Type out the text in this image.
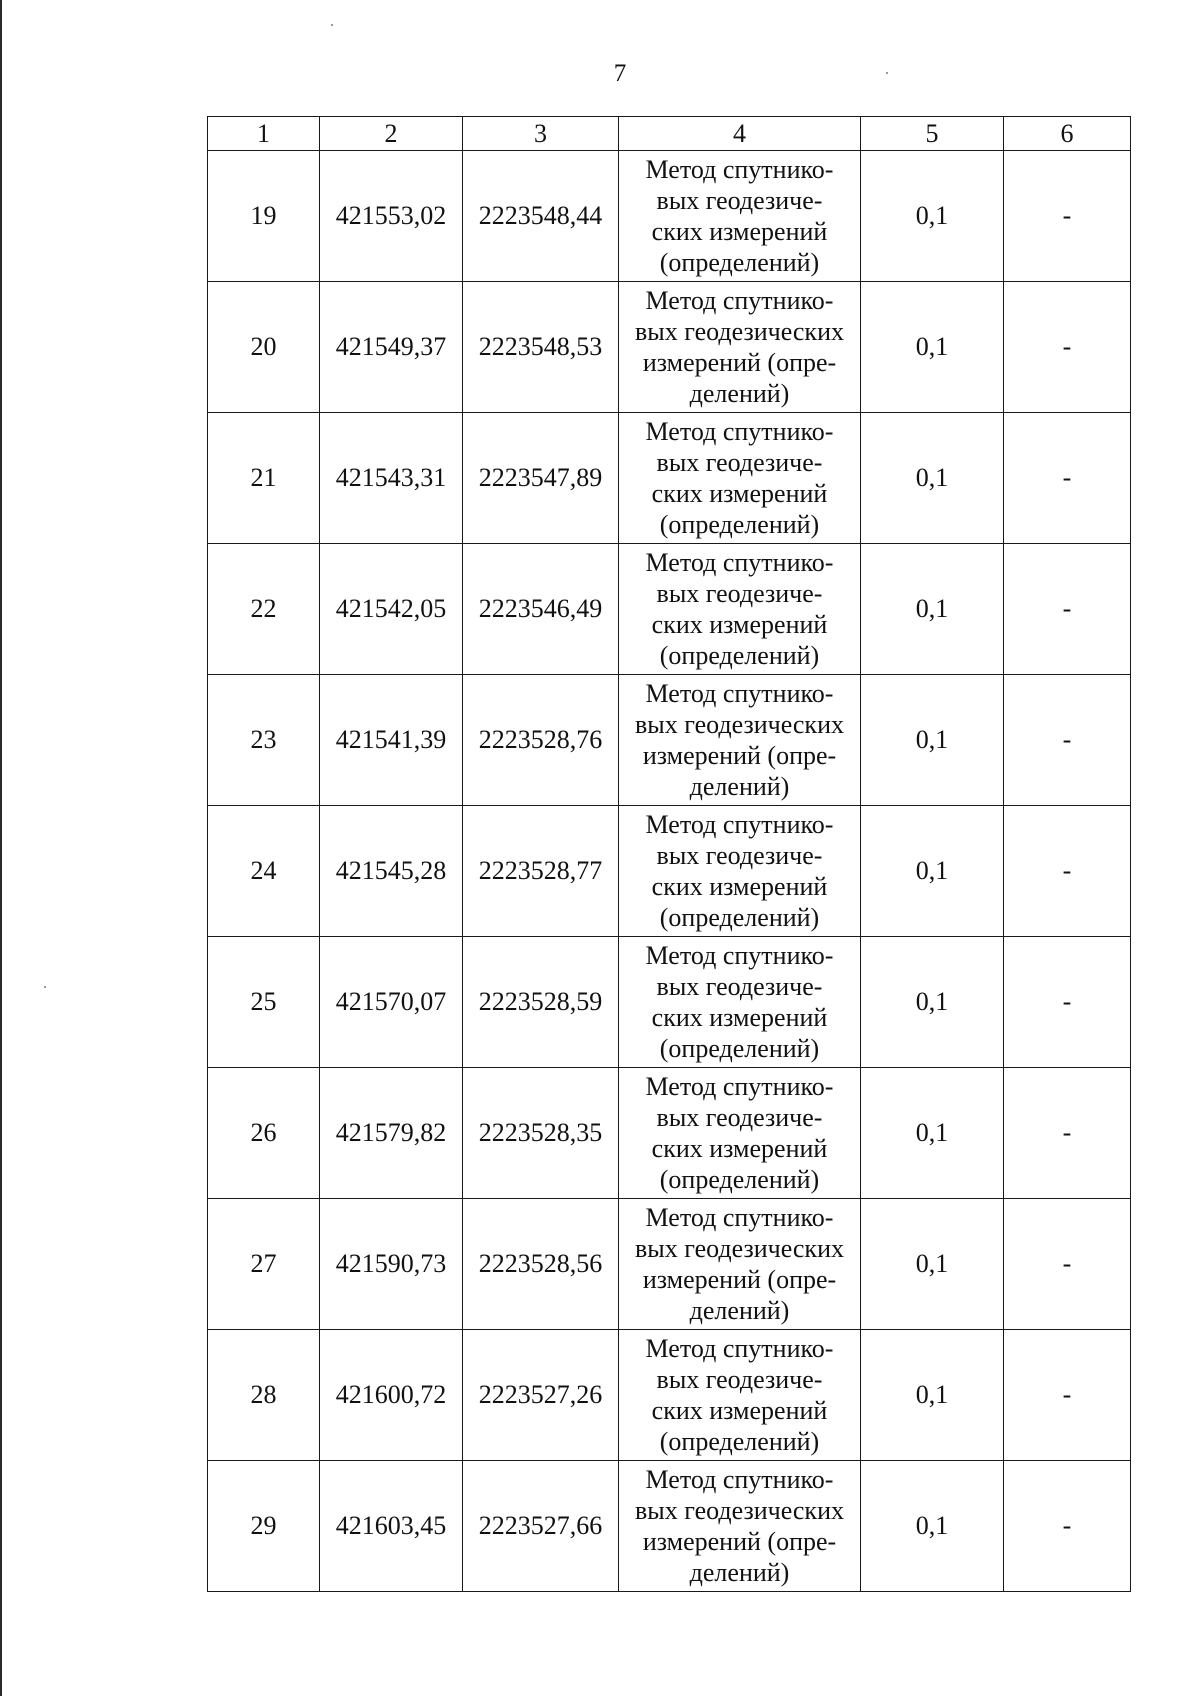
7
1	2	3	4	5	6
19	421553,02	2223548,44	Метод спутнико-
вых геодезиче-
ских измерений
(определений)	0,1	-
20	421549,37	2223548,53	Метод спутнико-
вых геодезических
измерений (опре-
делений)	0,1	-
21	421543,31	2223547,89	Метод спутнико-
вых геодезиче-
ских измерений
(определений)	0,1	-
22	421542,05	2223546,49	Метод спутнико-
вых геодезиче-
ских измерений
(определений)	0,1	-
23	421541,39	2223528,76	Метод спутнико-
вых геодезических
измерений (опре-
делений)	0,1	-
24	421545,28	2223528,77	Метод спутнико-
вых геодезиче-
ских измерений
(определений)	0,1	-
25	421570,07	2223528,59	Метод спутнико-
вых геодезиче-
ских измерений
(определений)	0,1	-
26	421579,82	2223528,35	Метод спутнико-
вых геодезиче-
ских измерений
(определений)	0,1	-
27	421590,73	2223528,56	Метод спутнико-
вых геодезических
измерений (опре-
делений)	0,1	-
28	421600,72	2223527,26	Метод спутнико-
вых геодезиче-
ских измерений
(определений)	0,1	-
29	421603,45	2223527,66	Метод спутнико-
вых геодезических
измерений (опре-
делений)	0,1	-
